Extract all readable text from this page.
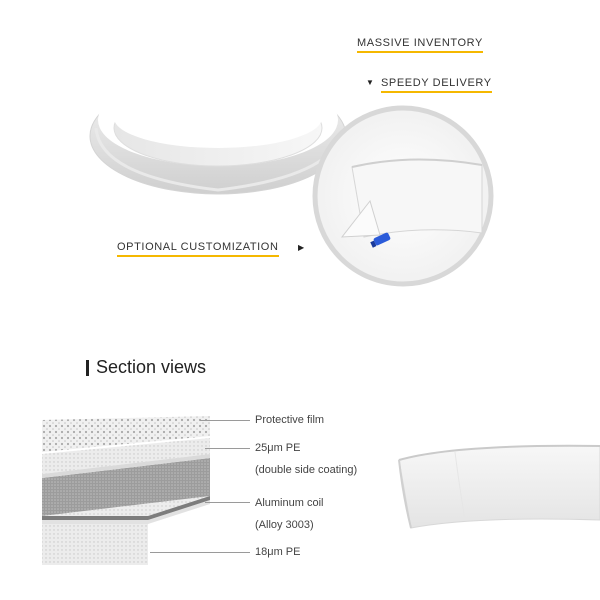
MASSIVE INVENTORY
▼ SPEEDY DELIVERY
OPTIONAL CUSTOMIZATION ▶
Section views
Protective film
25μm PE
(double side coating)
Aluminum coil
(Alloy 3003)
18μm PE
